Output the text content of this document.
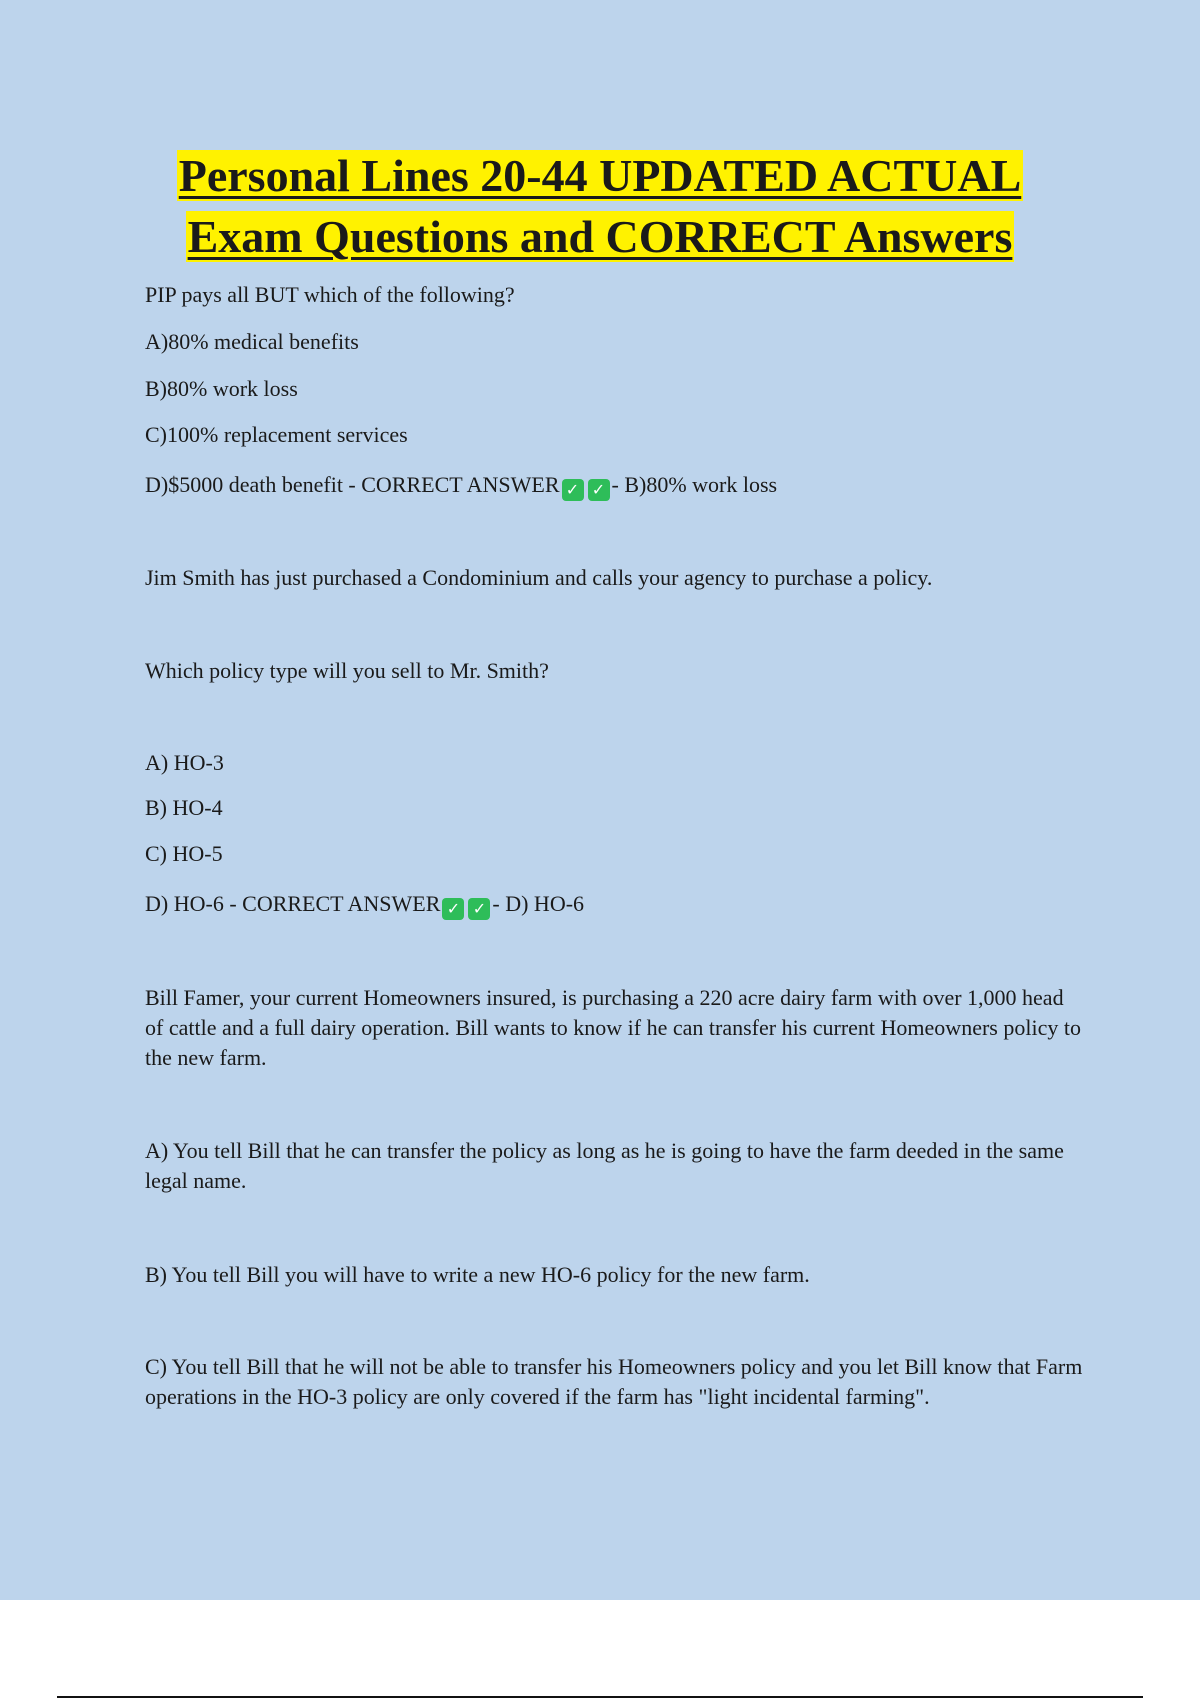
Personal Lines 20-44 UPDATED ACTUAL
Exam Questions and CORRECT Answers
PIP pays all BUT which of the following?
A)80% medical benefits
B)80% work loss
C)100% replacement services
D)$5000 death benefit - CORRECT ANSWER ✓ ✓ - B)80% work loss
Jim Smith has just purchased a Condominium and calls your agency to purchase a policy.
Which policy type will you sell to Mr. Smith?
A) HO-3
B) HO-4
C) HO-5
D) HO-6 - CORRECT ANSWER ✓ ✓ - D) HO-6
Bill Famer, your current Homeowners insured, is purchasing a 220 acre dairy farm with over 1,000 head of cattle and a full dairy operation. Bill wants to know if he can transfer his current Homeowners policy to the new farm.
A) You tell Bill that he can transfer the policy as long as he is going to have the farm deeded in the same legal name.
B) You tell Bill you will have to write a new HO-6 policy for the new farm.
C) You tell Bill that he will not be able to transfer his Homeowners policy and you let Bill know that Farm operations in the HO-3 policy are only covered if the farm has "light incidental farming".
